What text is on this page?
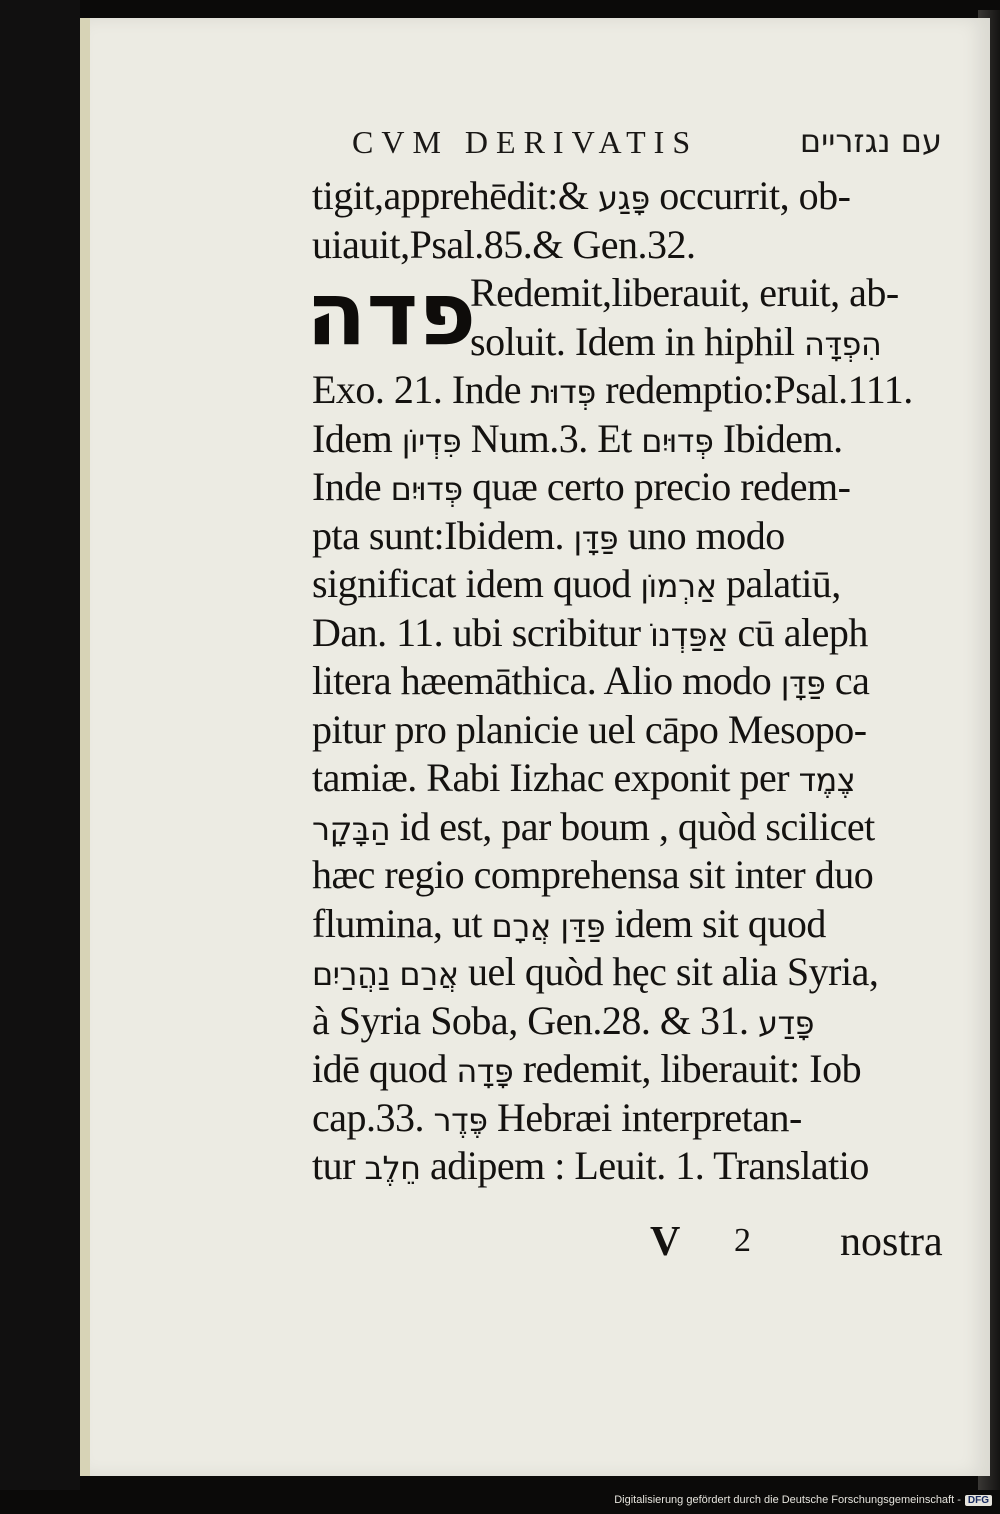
CVM DERIVATIS	עם נגזריים
פדה
tigit,apprehēdit:& פָּגַע occurrit, ob-
uiauit,Psal.85.& Gen.32.
Redemit,liberauit, eruit, ab-
soluit. Idem in hiphil הִפְדָּה
Exo. 21. Inde פְּדוּת redemptio:Psal.111.
Idem פִּדְיוֹן Num.3. Et פְּדוּיִם Ibidem.
Inde פְּדוּיִם quæ certo precio redem-
pta sunt:Ibidem. פַּדָּן uno modo
significat idem quod אַרְמוֹן palatiū,
Dan. 11. ubi scribitur אַפַּדְנוֹ cū aleph
litera hæemāthica. Alio modo פַּדָּן ca
pitur pro planicie uel cāpo Mesopo-
tamiæ. Rabi Iizhac exponit per צֶמֶד
הַבָּקָר id est, par boum , quòd scilicet
hæc regio comprehensa sit inter duo
flumina, ut פַּדַּן אֲרָם idem sit quod
אֲרַם נַהֲרַיִם uel quòd hęc sit alia Syria,
à Syria Soba, Gen.28. & 31. פָּדַע
idē quod פָּדָה redemit, liberauit: Iob
cap.33. פֶּדֶר Hebræi interpretan-
tur חֵלֶב adipem : Leuit. 1. Translatio
V 2 nostra
Digitalisierung gefördert durch die Deutsche Forschungsgemeinschaft - DFG
